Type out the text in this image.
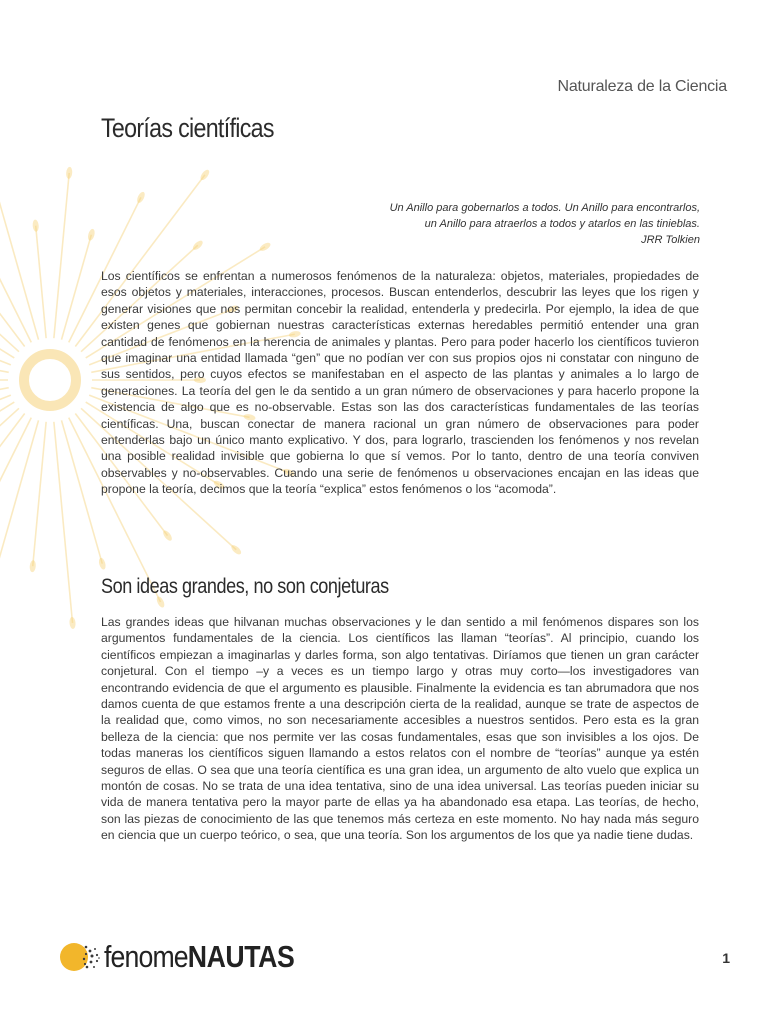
Naturaleza de la Ciencia
Teorías científicas
Un Anillo para gobernarlos a todos. Un Anillo para encontrarlos,
un Anillo para atraerlos a todos y atarlos en las tinieblas.
JRR Tolkien

Los científicos se enfrentan a numerosos fenómenos de la naturaleza: objetos, materiales, propiedades de esos objetos y materiales, interacciones, procesos. Buscan entenderlos, descubrir las leyes que los rigen y generar visiones que nos permitan concebir la realidad, entenderla y predecirla. Por ejemplo, la idea de que existen genes que gobiernan nuestras características externas heredables permitió entender una gran cantidad de fenómenos en la herencia de animales y plantas. Pero para poder hacerlo los científicos tuvieron que imaginar una entidad llamada “gen” que no podían ver con sus propios ojos ni constatar con ninguno de sus sentidos, pero cuyos efectos se manifestaban en el aspecto de las plantas y animales a lo largo de generaciones. La teoría del gen le da sentido a un gran número de observaciones y para hacerlo propone la existencia de algo que es no-observable. Estas son las dos características fundamentales de las teorías científicas. Una, buscan conectar de manera racional un gran número de observaciones para poder entenderlas bajo un único manto explicativo. Y dos, para lograrlo, trascienden los fenómenos y nos revelan una posible realidad invisible que gobierna lo que sí vemos. Por lo tanto, dentro de una teoría conviven observables y no-observables. Cuando una serie de fenómenos u observaciones encajan en las ideas que propone la teoría, decimos que la teoría “explica” estos fenómenos o los “acomoda”.

Son ideas grandes, no son conjeturas

Las grandes ideas que hilvanan muchas observaciones y le dan sentido a mil fenómenos dispares son los argumentos fundamentales de la ciencia. Los científicos las llaman “teorías”. Al principio, cuando los científicos empiezan a imaginarlas y darles forma, son algo tentativas. Diríamos que tienen un gran carácter conjetural. Con el tiempo –y a veces es un tiempo largo y otras muy corto—los investigadores van encontrando evidencia de que el argumento es plausible. Finalmente la evidencia es tan abrumadora que nos damos cuenta de que estamos frente a una descripción cierta de la realidad, aunque se trate de aspectos de la realidad que, como vimos, no son necesariamente accesibles a nuestros sentidos. Pero esta es la gran belleza de la ciencia: que nos permite ver las cosas fundamentales, esas que son invisibles a los ojos. De todas maneras los científicos siguen llamando a estos relatos con el nombre de “teorías” aunque ya estén seguros de ellas. O sea que una teoría científica es una gran idea, un argumento de alto vuelo que explica un montón de cosas. No se trata de una idea tentativa, sino de una idea universal. Las teorías pueden iniciar su vida de manera tentativa pero la mayor parte de ellas ya ha abandonado esa etapa. Las teorías, de hecho, son las piezas de conocimiento de las que tenemos más certeza en este momento. No hay nada más seguro en ciencia que un cuerpo teórico, o sea, que una teoría. Son los argumentos de los que ya nadie tiene dudas.

fenomeNAUTAS	1
